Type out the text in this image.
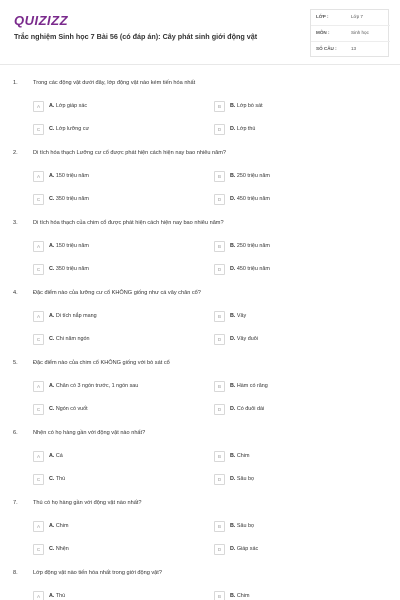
QUIZIZZ
Trắc nghiệm Sinh học 7 Bài 56 (có đáp án): Cây phát sinh giới động vật
LỚP :	Lớp 7
MÔN :	Sinh học
SỐ CÂU :	13
1.	Trong các động vật dưới đây, lớp động vật nào kém tiến hóa nhất
A	A. Lớp giáp xác	B	B. Lớp bò sát
C	C. Lớp lưỡng cư	D	D. Lớp thú
2.	Di tích hóa thạch Lưỡng cư cổ được phát hiện cách hiện nay bao nhiêu năm?
A	A. 150 triệu năm	B	B. 250 triệu năm
C	C. 350 triệu năm	D	D. 450 triệu năm
3.	Di tích hóa thạch của chim cổ được phát hiện cách hiện nay bao nhiêu năm?
A	A. 150 triệu năm	B	B. 250 triệu năm
C	C. 350 triệu năm	D	D. 450 triệu năm
4.	Đặc điểm nào của lưỡng cư cổ KHÔNG giống như cá vây chân cổ?
A	A. Di tích nắp mang	B	B. Vây
C	C. Chi năm ngón	D	D. Vây đuôi
5.	Đặc điểm nào của chim cổ KHÔNG giống với bò sát cổ
A	A. Chân có 3 ngón trước, 1 ngón sau	B	B. Hàm có răng
C	C. Ngón có vuốt	D	D. Có đuôi dài
6.	Nhện có họ hàng gần với động vật nào nhất?
A	A. Cá	B	B. Chim
C	C. Thú	D	D. Sâu bọ
7.	Thú có họ hàng gần với động vật nào nhất?
A	A. Chim	B	B. Sâu bọ
C	C. Nhện	D	D. Giáp xác
8.	Lớp động vật nào tiến hóa nhất trong giới động vật?
A	A. Thú	B	B. Chim
